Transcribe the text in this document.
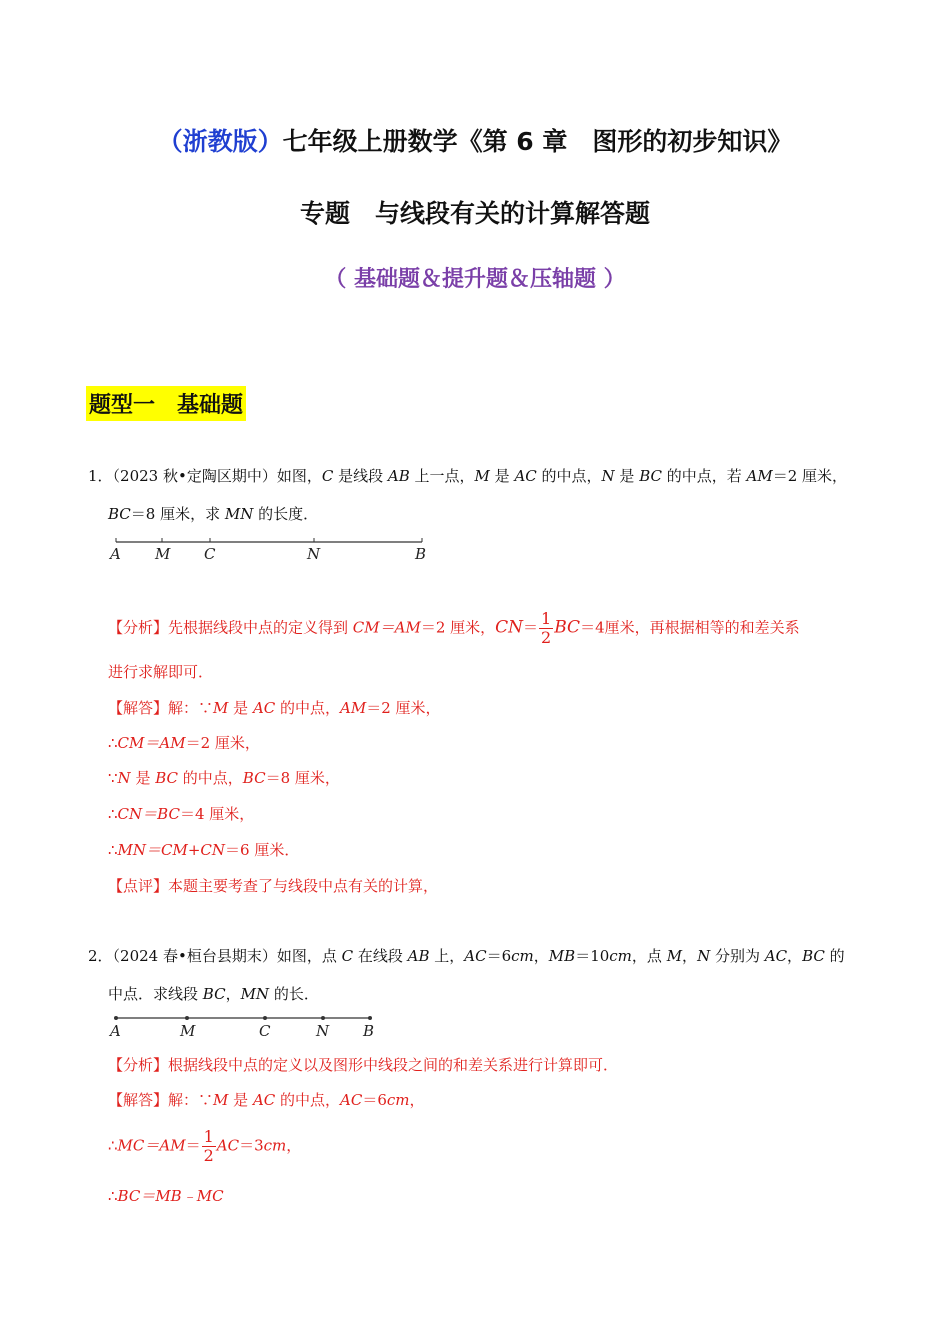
（浙教版）七年级上册数学《第 6 章　图形的初步知识》
专题　与线段有关的计算解答题
（ 基础题＆提升题＆压轴题 ）
题型一　基础题
1．（2023 秋•定陶区期中）如图，C 是线段 AB 上一点，M 是 AC 的中点，N 是 BC 的中点，若 AM＝2 厘米，
BC＝8 厘米，求 MN 的长度．
A M C	N	B
【分析】先根据线段中点的定义得到 CM＝AM＝2 厘米，$CN= \frac{1}{2} BC=4$厘米，再根据相等的和差关系
进行求解即可．
【解答】解：∵M 是 AC 的中点，AM＝2 厘米，
∴CM＝AM＝2 厘米，
∵N 是 BC 的中点，BC＝8 厘米，
∴CN＝BC＝4 厘米，
∴MN＝CM+CN＝6 厘米．
【点评】本题主要考查了与线段中点有关的计算，
2．（2024 春•桓台县期末）如图，点 C 在线段 AB 上，AC＝6cm，MB＝10cm，点 M，N 分别为 AC，BC 的
中点．求线段 BC，MN 的长．
A	M	C	N B
【分析】根据线段中点的定义以及图形中线段之间的和差关系进行计算即可．
【解答】解：∵M 是 AC 的中点，AC＝6cm，
∴MC＝AM＝ $\frac{1}{2} AC=3cm$，
∴BC＝MB﹣MC
